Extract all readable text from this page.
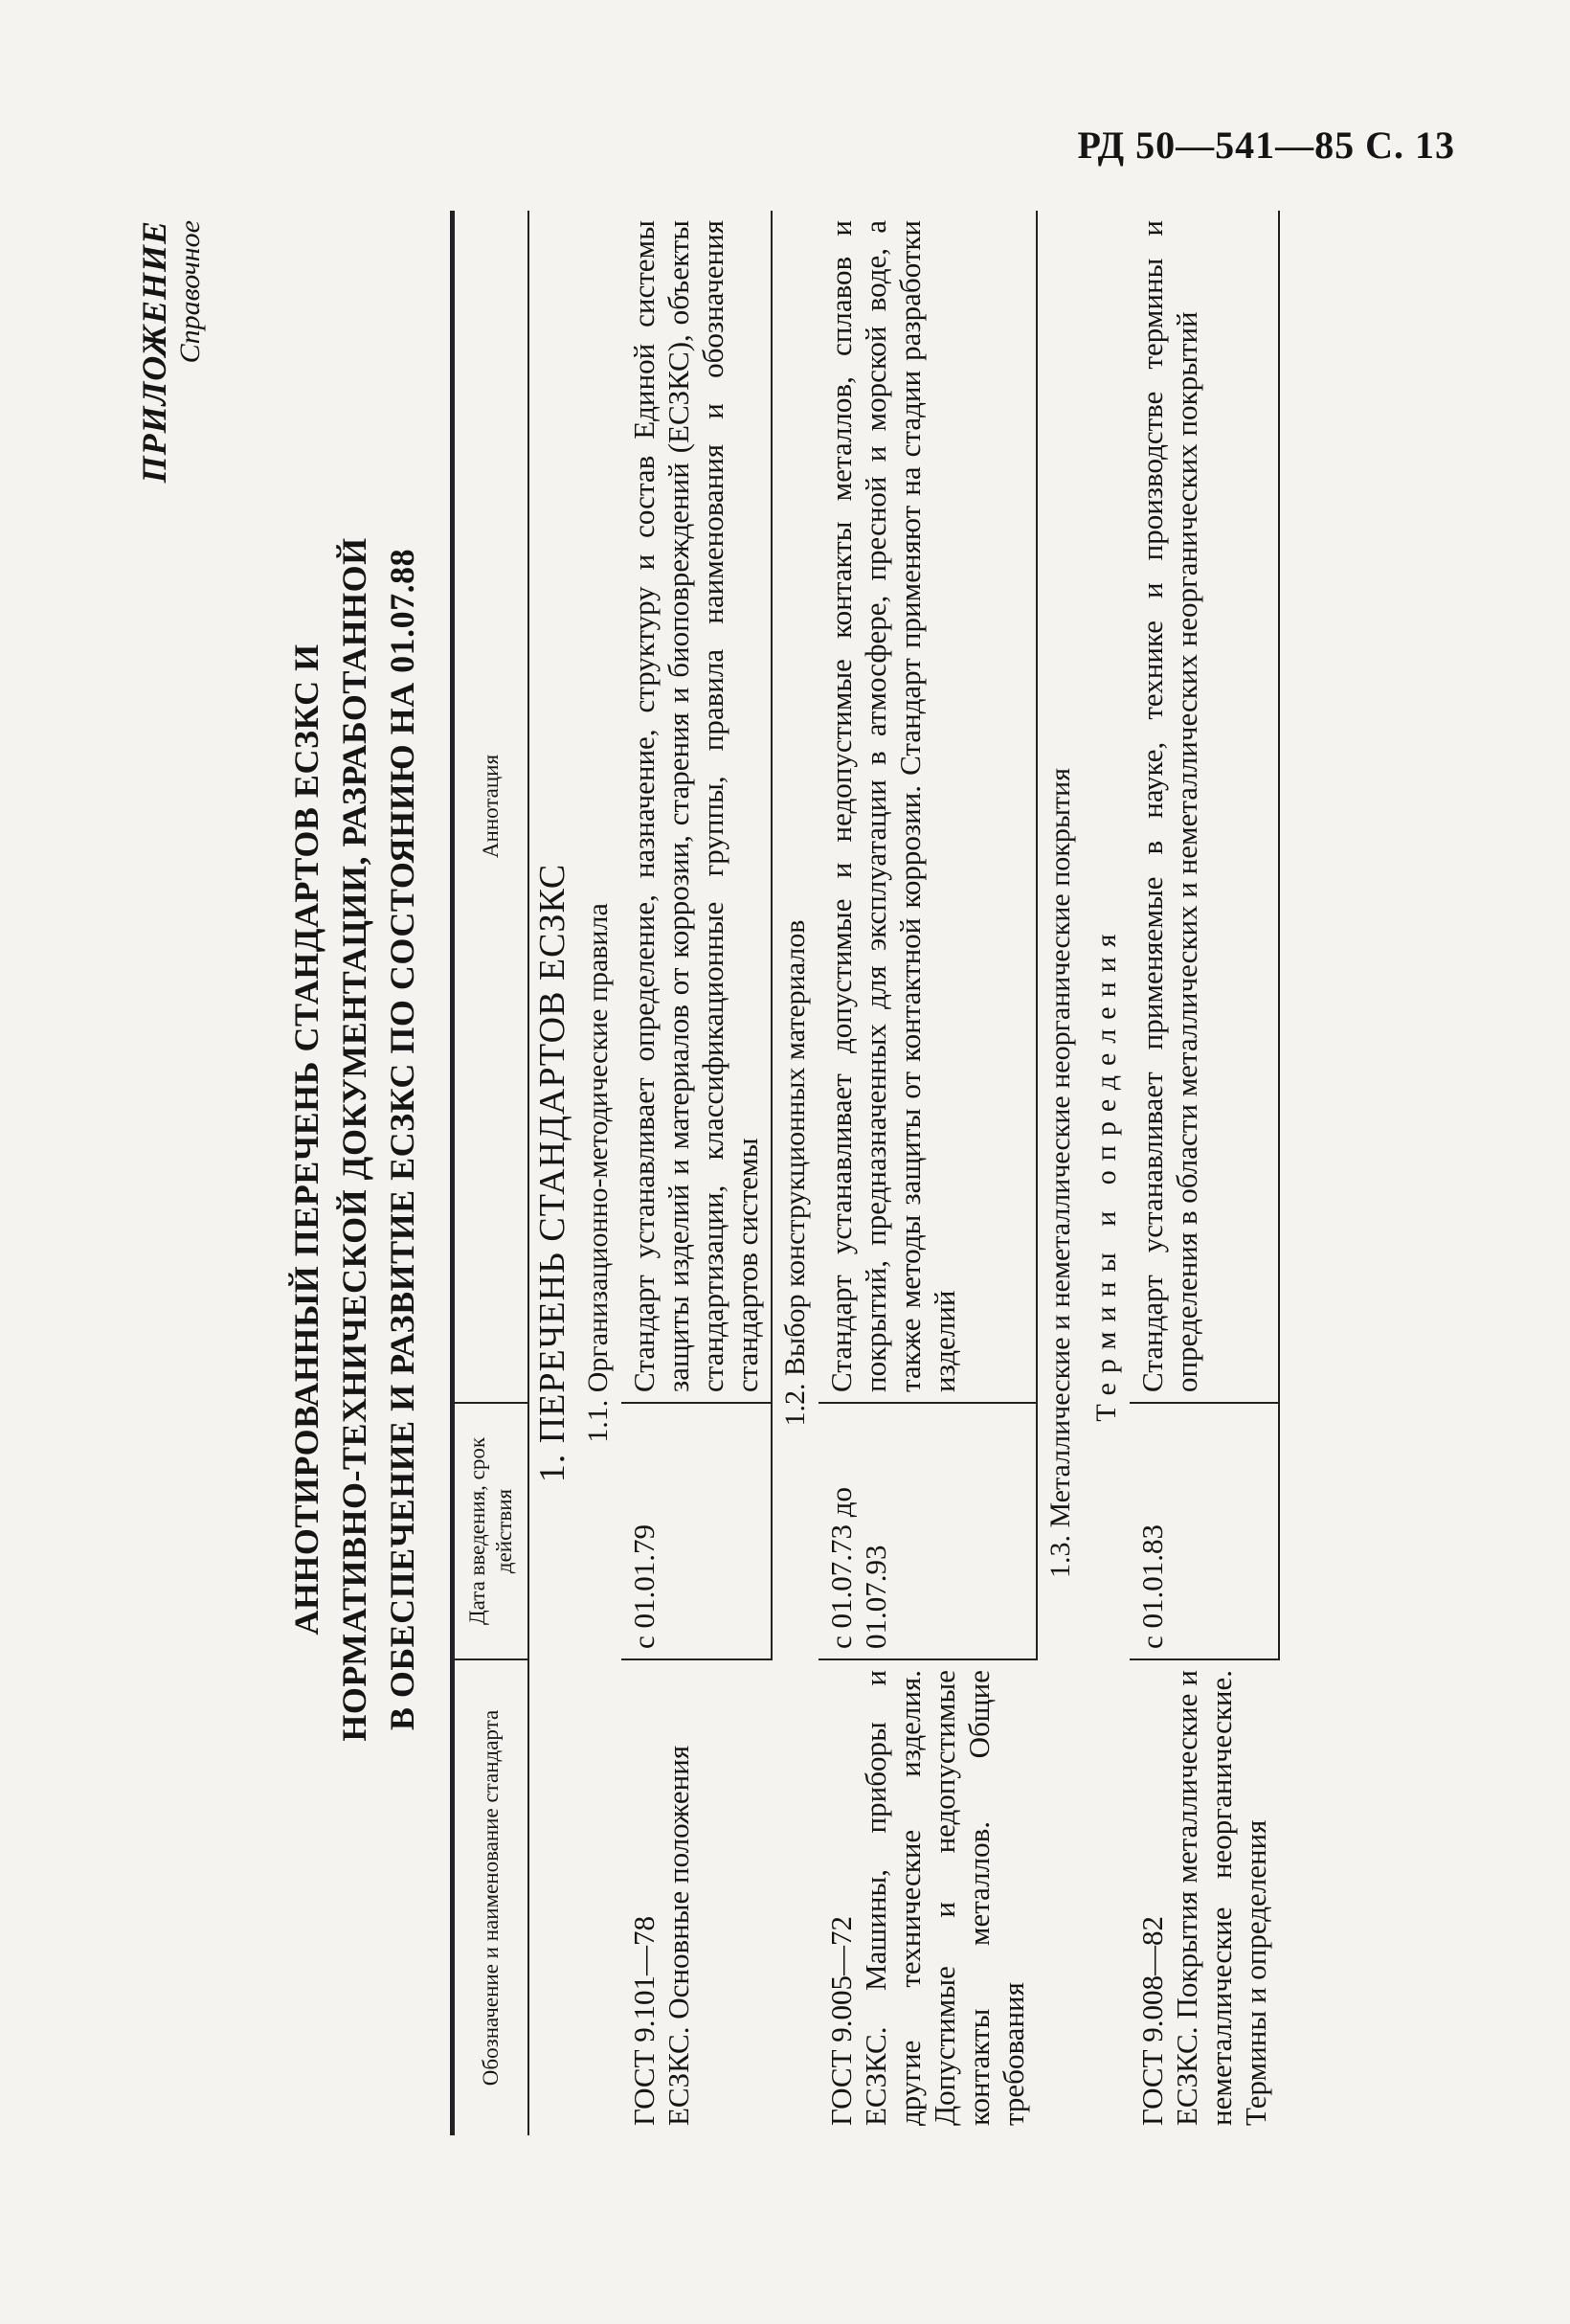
РД 50—541—85 С. 13
ПРИЛОЖЕНИЕ Справочное
АННОТИРОВАННЫЙ ПЕРЕЧЕНЬ СТАНДАРТОВ ЕСЗКС И НОРМАТИВНО-ТЕХНИЧЕСКОЙ ДОКУМЕНТАЦИИ, РАЗРАБОТАННОЙ В ОБЕСПЕЧЕНИЕ И РАЗВИТИЕ ЕСЗКС ПО СОСТОЯНИЮ НА 01.07.88
Обозначение и наименование стандарта	Дата введения, срок действия	Аннотация
1. ПЕРЕЧЕНЬ СТАНДАРТОВ ЕСЗКС		
1.1. Организационно-методические правила		

ГОСТ 9.101—78 ЕСЗКС. Основные положения	с 01.01.79	Стандарт устанавливает определение, назначение, структуру и состав Единой системы защиты изделий и материалов от коррозии, старения и биоповреждений (ЕСЗКС), объекты стандартизации, классификационные группы, правила наименования и обозначения стандартов системы
1.2. Выбор конструкционных материалов		

ГОСТ 9.005—72 ЕСЗКС. Машины, приборы и другие технические изделия. Допустимые и недопустимые контакты металлов. Общие требования	с 01.07.73 до 01.07.93	Стандарт устанавливает допустимые и недопустимые контакты металлов, сплавов и покрытий, предназначенных для эксплуатации в атмосфере, пресной и морской воде, а также методы защиты от контактной коррозии. Стандарт применяют на стадии разработки изделий
1.3. Металлические и неметаллические неорганические покрытия		
Термины и определения		

ГОСТ 9.008—82 ЕСЗКС. Покрытия металлические и неметаллические неорганические. Термины и определения	с 01.01.83	Стандарт устанавливает применяемые в науке, технике и производстве термины и определения в области металлических и неметаллических неорганических покрытий
